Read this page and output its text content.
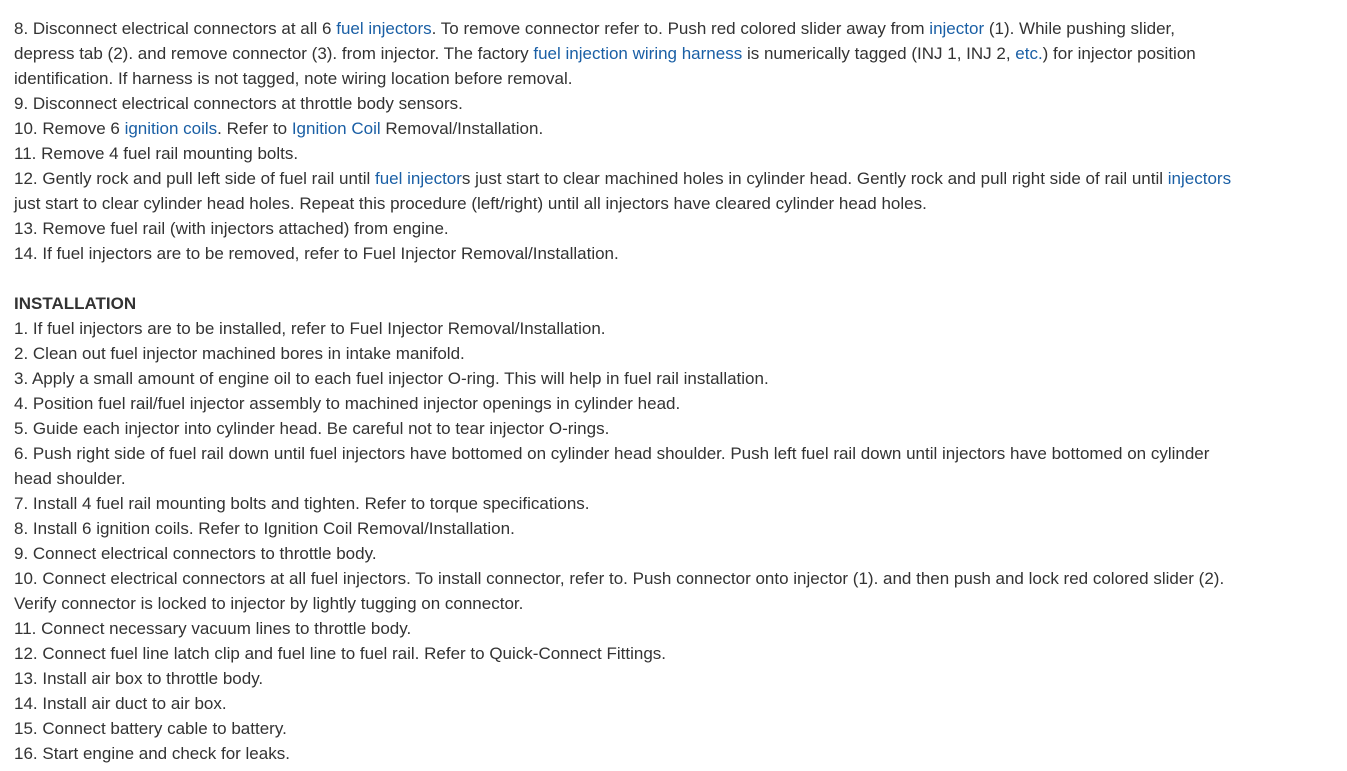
8. Disconnect electrical connectors at all 6 fuel injectors. To remove connector refer to. Push red colored slider away from injector (1). While pushing slider, depress tab (2). and remove connector (3). from injector. The factory fuel injection wiring harness is numerically tagged (INJ 1, INJ 2, etc.) for injector position identification. If harness is not tagged, note wiring location before removal.

9. Disconnect electrical connectors at throttle body sensors.

10. Remove 6 ignition coils. Refer to Ignition Coil Removal/Installation.

11. Remove 4 fuel rail mounting bolts.

12. Gently rock and pull left side of fuel rail until fuel injectors just start to clear machined holes in cylinder head. Gently rock and pull right side of rail until injectors just start to clear cylinder head holes. Repeat this procedure (left/right) until all injectors have cleared cylinder head holes.

13. Remove fuel rail (with injectors attached) from engine.

14. If fuel injectors are to be removed, refer to Fuel Injector Removal/Installation.

INSTALLATION

1. If fuel injectors are to be installed, refer to Fuel Injector Removal/Installation.

2. Clean out fuel injector machined bores in intake manifold.

3. Apply a small amount of engine oil to each fuel injector O-ring. This will help in fuel rail installation.

4. Position fuel rail/fuel injector assembly to machined injector openings in cylinder head.

5. Guide each injector into cylinder head. Be careful not to tear injector O-rings.

6. Push right side of fuel rail down until fuel injectors have bottomed on cylinder head shoulder. Push left fuel rail down until injectors have bottomed on cylinder head shoulder.

7. Install 4 fuel rail mounting bolts and tighten. Refer to torque specifications.

8. Install 6 ignition coils. Refer to Ignition Coil Removal/Installation.

9. Connect electrical connectors to throttle body.

10. Connect electrical connectors at all fuel injectors. To install connector, refer to. Push connector onto injector (1). and then push and lock red colored slider (2). Verify connector is locked to injector by lightly tugging on connector.

11. Connect necessary vacuum lines to throttle body.

12. Connect fuel line latch clip and fuel line to fuel rail. Refer to Quick-Connect Fittings.

13. Install air box to throttle body.

14. Install air duct to air box.

15. Connect battery cable to battery.

16. Start engine and check for leaks.
